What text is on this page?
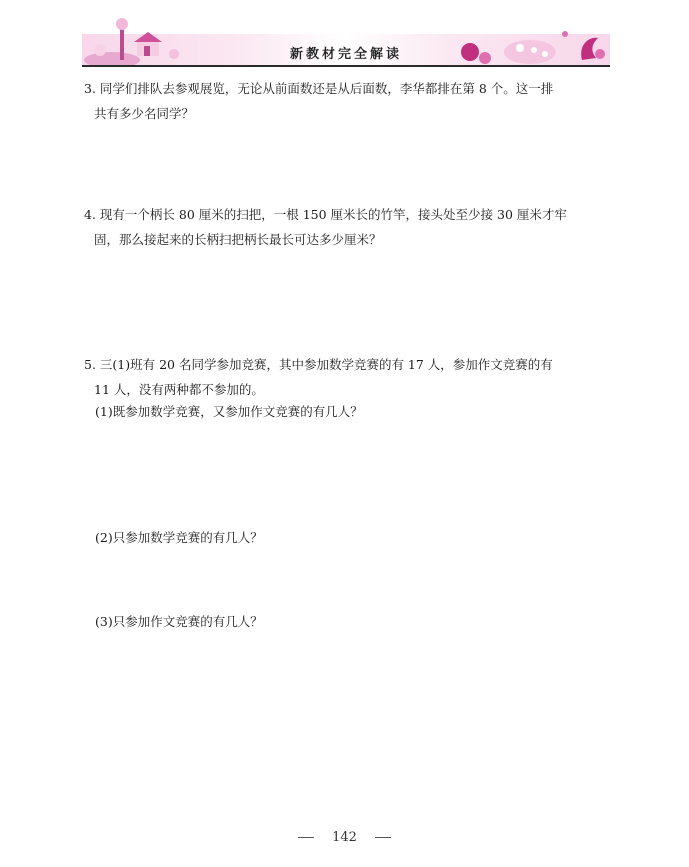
新教材完全解读
3. 同学们排队去参观展览，无论从前面数还是从后面数，李华都排在第 8 个。这一排
共有多少名同学？
4. 现有一个柄长 80 厘米的扫把，一根 150 厘米长的竹竿，接头处至少接 30 厘米才牢
固，那么接起来的长柄扫把柄长最长可达多少厘米？
5. 三(1)班有 20 名同学参加竞赛，其中参加数学竞赛的有 17 人，参加作文竞赛的有
11 人，没有两种都不参加的。
(1)既参加数学竞赛，又参加作文竞赛的有几人？
(2)只参加数学竞赛的有几人？
(3)只参加作文竞赛的有几人？
142
